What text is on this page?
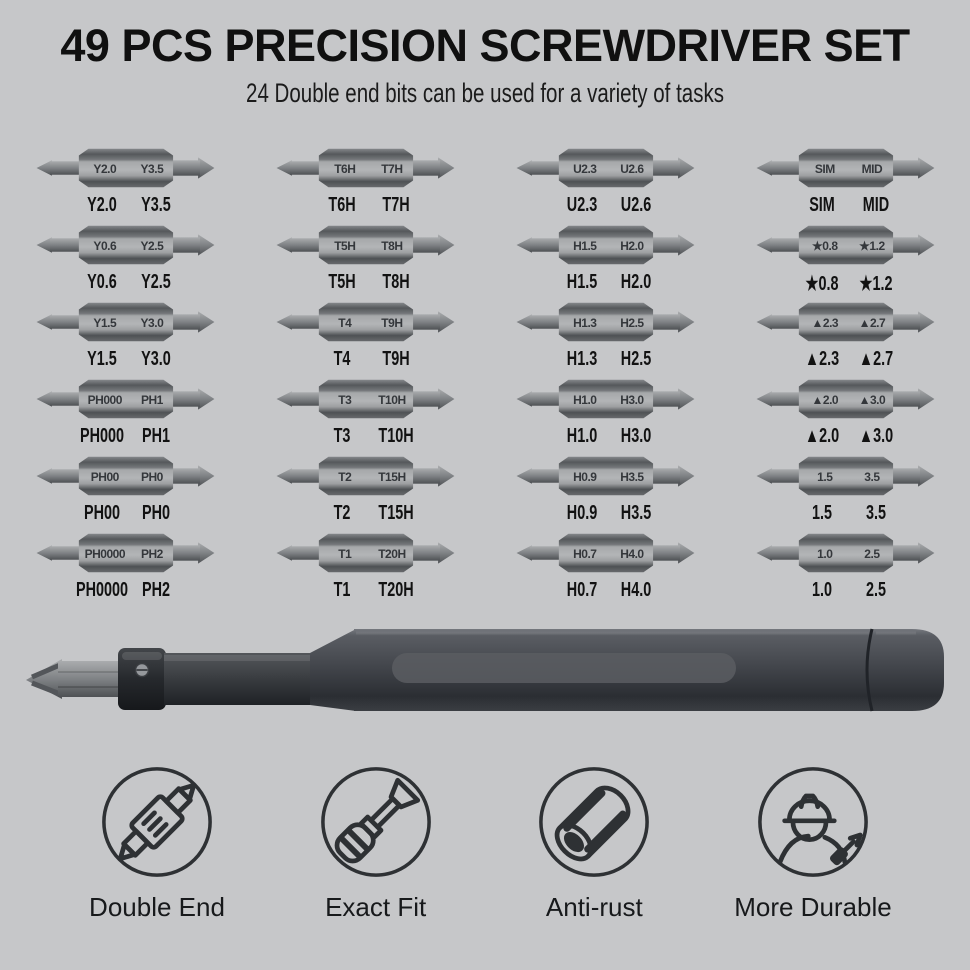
49 PCS PRECISION SCREWDRIVER SET

24 Double end bits can be used for a variety of tasks

Y2.0 Y3.5
Y2.0 Y3.5
T6H T7H
T6H T7H
U2.3 U2.6
U2.3 U2.6
SIM MID
SIM MID
Y0.6 Y2.5
Y0.6 Y2.5
T5H T8H
T5H T8H
H1.5 H2.0
H1.5 H2.0
★0.8 ★1.2
★0.8 ★1.2
Y1.5 Y3.0
Y1.5 Y3.0
T4 T9H
T4 T9H
H1.3 H2.5
H1.3 H2.5
▲2.3 ▲2.7
▲2.3 ▲2.7
PH000 PH1
PH000 PH1
T3 T10H
T3 T10H
H1.0 H3.0
H1.0 H3.0
▲2.0 ▲3.0
▲2.0 ▲3.0
PH00 PH0
PH00 PH0
T2 T15H
T2 T15H
H0.9 H3.5
H0.9 H3.5
1.5	3.5
1.5 3.5
PH0000 PH2
PH0000 PH2
T1 T20H
T1 T20H
H0.7 H4.0
H0.7 H4.0
1.0	2.5
1.0 2.5
Double End	Exact Fit	Anti-rust	More Durable
